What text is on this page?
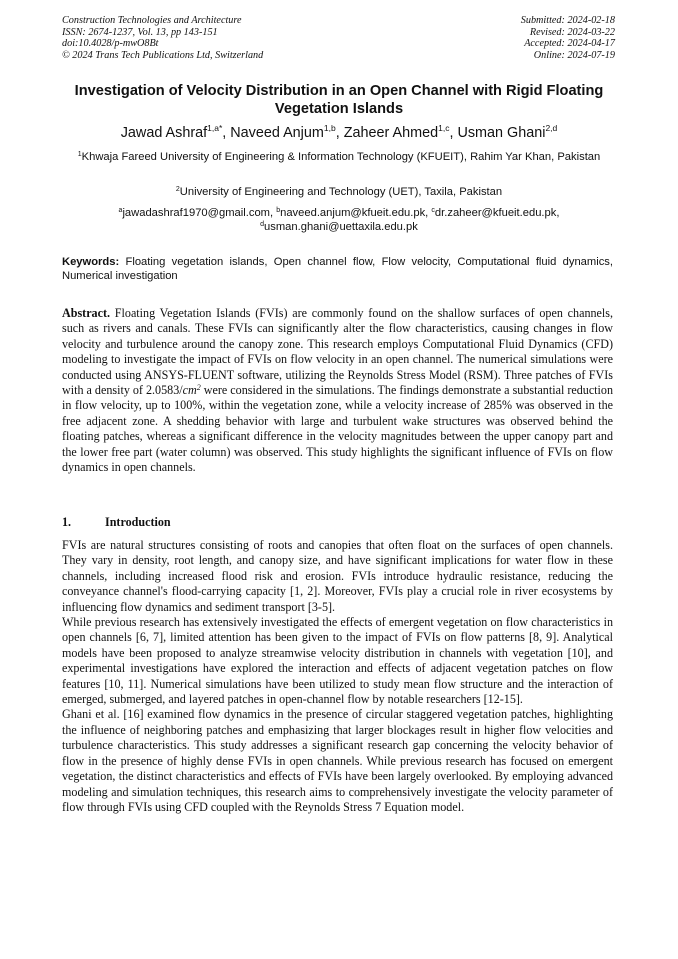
Construction Technologies and Architecture
ISSN: 2674-1237, Vol. 13, pp 143-151
doi:10.4028/p-mwO8Bt
© 2024 Trans Tech Publications Ltd, Switzerland
Submitted: 2024-02-18
Revised: 2024-03-22
Accepted: 2024-04-17
Online: 2024-07-19
Investigation of Velocity Distribution in an Open Channel with Rigid Floating Vegetation Islands
Jawad Ashraf$^{1,a*}$, Naveed Anjum$^{1,b}$, Zaheer Ahmed$^{1,c}$, Usman Ghani$^{2,d}$
$^1$Khwaja Fareed University of Engineering & Information Technology (KFUEIT), Rahim Yar Khan, Pakistan
$^2$University of Engineering and Technology (UET), Taxila, Pakistan
$^a$jawadashraf1970@gmail.com, $^b$naveed.anjum@kfueit.edu.pk, $^c$dr.zaheer@kfueit.edu.pk,
$^d$usman.ghani@uettaxila.edu.pk
Keywords: Floating vegetation islands, Open channel flow, Flow velocity, Computational fluid dynamics, Numerical investigation
Abstract. Floating Vegetation Islands (FVIs) are commonly found on the shallow surfaces of open channels, such as rivers and canals. These FVIs can significantly alter the flow characteristics, causing changes in flow velocity and turbulence around the canopy zone. This research employs Computational Fluid Dynamics (CFD) modeling to investigate the impact of FVIs on flow velocity in an open channel. The numerical simulations were conducted using ANSYS-FLUENT software, utilizing the Reynolds Stress Model (RSM). Three patches of FVIs with a density of $2.0583/cm^2$ were considered in the simulations. The findings demonstrate a substantial reduction in flow velocity, up to 100%, within the vegetation zone, while a velocity increase of 285% was observed in the free adjacent zone. A shedding behavior with large and turbulent wake structures was observed behind the floating patches, whereas a significant difference in the velocity magnitudes between the upper canopy part and the lower free part (water column) was observed. This study highlights the significant influence of FVIs on flow dynamics in open channels.
1.	Introduction

FVIs are natural structures consisting of roots and canopies that often float on the surfaces of open channels. They vary in density, root length, and canopy size, and have significant implications for water flow in these channels, including increased flood risk and erosion. FVIs introduce hydraulic resistance, reducing the conveyance channel's flood-carrying capacity [1, 2]. Moreover, FVIs play a crucial role in river ecosystems by influencing flow dynamics and sediment transport [3-5].

While previous research has extensively investigated the effects of emergent vegetation on flow characteristics in open channels [6, 7], limited attention has been given to the impact of FVIs on flow patterns [8, 9]. Analytical models have been proposed to analyze streamwise velocity distribution in channels with vegetation [10], and experimental investigations have explored the interaction and effects of adjacent vegetation patches on flow features [10, 11]. Numerical simulations have been utilized to study mean flow structure and the interaction of emerged, submerged, and layered patches in open-channel flow by notable researchers [12-15].

Ghani et al. [16] examined flow dynamics in the presence of circular staggered vegetation patches, highlighting the influence of neighboring patches and emphasizing that larger blockages result in higher flow velocities and turbulence characteristics. This study addresses a significant research gap concerning the velocity behavior of flow in the presence of highly dense FVIs in open channels. While previous research has focused on emergent vegetation, the distinct characteristics and effects of FVIs have been largely overlooked. By employing advanced modeling and simulation techniques, this research aims to comprehensively investigate the velocity parameter of flow through FVIs using CFD coupled with the Reynolds Stress 7 Equation model.
